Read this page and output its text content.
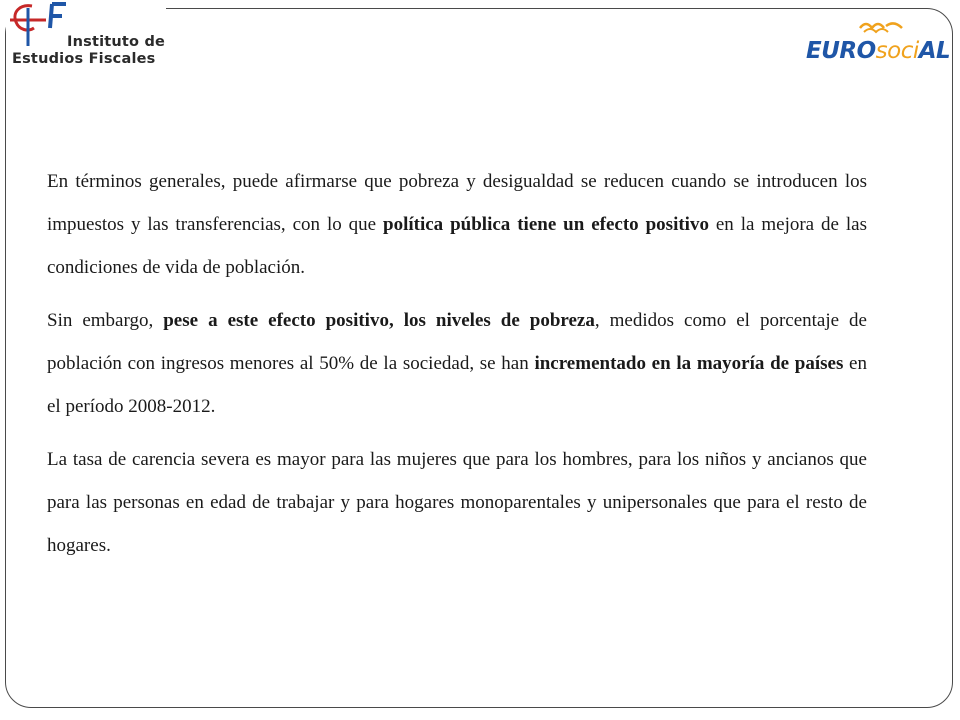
Instituto de
Estudios Fiscales	EUROsociAL

En términos generales, puede afirmarse que pobreza y desigualdad se reducen cuando se introducen los impuestos y las transferencias, con lo que política pública tiene un efecto positivo en la mejora de las condiciones de vida de población.

Sin embargo, pese a este efecto positivo, los niveles de pobreza, medidos como el porcentaje de población con ingresos menores al 50% de la sociedad, se han incrementado en la mayoría de países en el período 2008-2012.

La tasa de carencia severa es mayor para las mujeres que para los hombres, para los niños y ancianos que para las personas en edad de trabajar y para hogares monoparentales y unipersonales que para el resto de hogares.
